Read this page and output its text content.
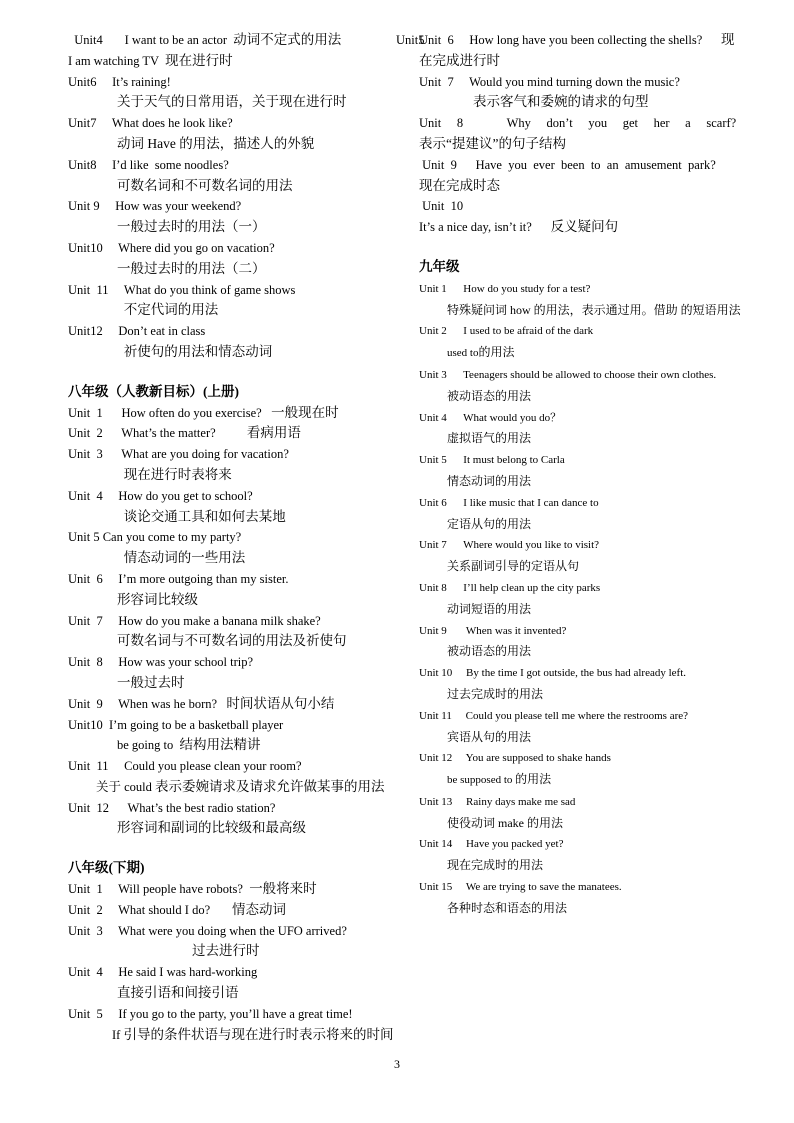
Unit4       I want to be an actor  动词不定式的用法
I am watching TV  现在进行时
Unit6     It’s raining!
关于天气的日常用语，关于现在进行时
Unit7     What does he look like?
动词 Have 的用法，描述人的外貌
Unit8     I’d like  some noodles?
可数名词和不可数名词的用法
Unit 9     How was your weekend?
一般过去时的用法（一）
Unit10     Where did you go on vacation?
一般过去时的用法（二）
Unit  11     What do you think of game shows
不定代词的用法
Unit12     Don’t eat in class
祈使句的用法和情态动词
八年级（人教新目标）(上册)
Unit  1      How often do you exercise?   一般现在时
Unit  2      What’s the matter?          看病用语
Unit  3      What are you doing for vacation?
现在进行时表将来
Unit  4     How do you get to school?
谈论交通工具和如何去某地
Unit 5 Can you come to my party?
情态动词的一些用法
Unit  6     I’m more outgoing than my sister.
形容词比较级
Unit  7     How do you make a banana milk shake?
可数名词与不可数名词的用法及祈使句
Unit  8     How was your school trip?
一般过去时
Unit  9     When was he born?   时间状语从句小结
Unit10  I’m going to be a basketball player
be going to  结构用法精讲
Unit  11     Could you please clean your room?
关于 could 表示委婉请求及请求允许做某事的用法
Unit  12      What’s the best radio station?
形容词和副词的比较级和最高级
八年级(下期)
Unit  1     Will people have robots?  一般将来时
Unit  2     What should I do?       情态动词
Unit  3     What were you doing when the UFO arrived?
过去进行时
Unit  4     He said I was hard-working
直接引语和间接引语
Unit  5     If you go to the party, you’ll have a great time!
If 引导的条件状语与现在进行时表示将来的时间
Unit5
Unit  6     How long have you been collecting the shells?      现
在完成进行时
Unit  7     Would you mind turning down the music?
表示客气和委婉的请求的句型
Unit     8              Why     don’t     you     get     her     a     scarf?
表示“提建议”的句子结构
Unit  9      Have  you  ever  been  to  an  amusement  park?
现在完成时态
Unit  10
It’s a nice day, isn’t it?      反义疑问句
九年级
Unit 1      How do you study for a test?
特殊疑问词 how 的用法，表示通过用。借助 的短语用法
Unit 2      I used to be afraid of the dark
used to的用法
Unit 3      Teenagers should be allowed to choose their own clothes.
被动语态的用法
Unit 4      What would you do？
虚拟语气的用法
Unit 5      It must belong to Carla
情态动词的用法
Unit 6      I like music that I can dance to
定语从句的用法
Unit 7      Where would you like to visit?
关系副词引导的定语从句
Unit 8      I’ll help clean up the city parks
动词短语的用法
Unit 9       When was it invented?
被动语态的用法
Unit 10     By the time I got outside, the bus had already left.
过去完成时的用法
Unit 11     Could you please tell me where the restrooms are?
宾语从句的用法
Unit 12     You are supposed to shake hands
be supposed to 的用法
Unit 13     Rainy days make me sad
使役动词 make 的用法
Unit 14     Have you packed yet?
现在完成时的用法
Unit 15     We are trying to save the manatees.
各种时态和语态的用法
3
